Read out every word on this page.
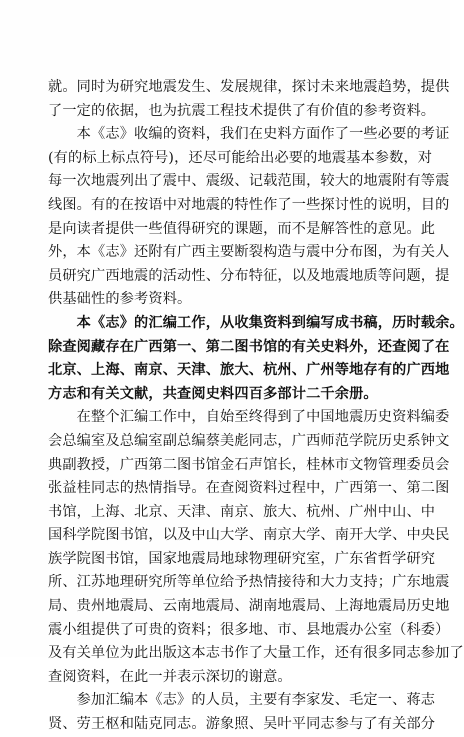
就。同时为研究地震发生、发展规律，探讨未来地震趋势，提供
了一定的依据，也为抗震工程技术提供了有价值的参考资料。
　　本《志》收编的资料，我们在史料方面作了一些必要的考证
(有的标上标点符号)，还尽可能给出必要的地震基本参数，对
每一次地震列出了震中、震级、记载范围，较大的地震附有等震
线图。有的在按语中对地震的特性作了一些探讨性的说明，目的
是向读者提供一些值得研究的课题，而不是解答性的意见。此
外，本《志》还附有广西主要断裂构造与震中分布图，为有关人
员研究广西地震的活动性、分布特征，以及地震地质等问题，提
供基础性的参考资料。
　　本《志》的汇编工作，从收集资料到编写成书稿，历时载余。
除查阅藏存在广西第一、第二图书馆的有关史料外，还查阅了在
北京、上海、南京、天津、旅大、杭州、广州等地存有的广西地
方志和有关文献，共查阅史料四百多部计二千余册。
　　在整个汇编工作中，自始至终得到了中国地震历史资料编委
会总编室及总编室副总编蔡美彪同志，广西师范学院历史系钟文
典副教授，广西第二图书馆金石声馆长，桂林市文物管理委员会
张益桂同志的热情指导。在查阅资料过程中，广西第一、第二图
书馆，上海、北京、天津、南京、旅大、杭州、广州中山、中
国科学院图书馆，以及中山大学、南京大学、南开大学、中央民
族学院图书馆，国家地震局地球物理研究室，广东省哲学研究
所、江苏地理研究所等单位给予热情接待和大力支持；广东地震
局、贵州地震局、云南地震局、湖南地震局、上海地震局历史地
震小组提供了可贵的资料；很多地、市、县地震办公室（科委）
及有关单位为此出版这本志书作了大量工作，还有很多同志参加了
查阅资料，在此一并表示深切的谢意。
　　参加汇编本《志》的人员，主要有李家发、毛定一、蒋志
贤、劳王枢和陆克同志。游象照、吴叶平同志参与了有关部分
